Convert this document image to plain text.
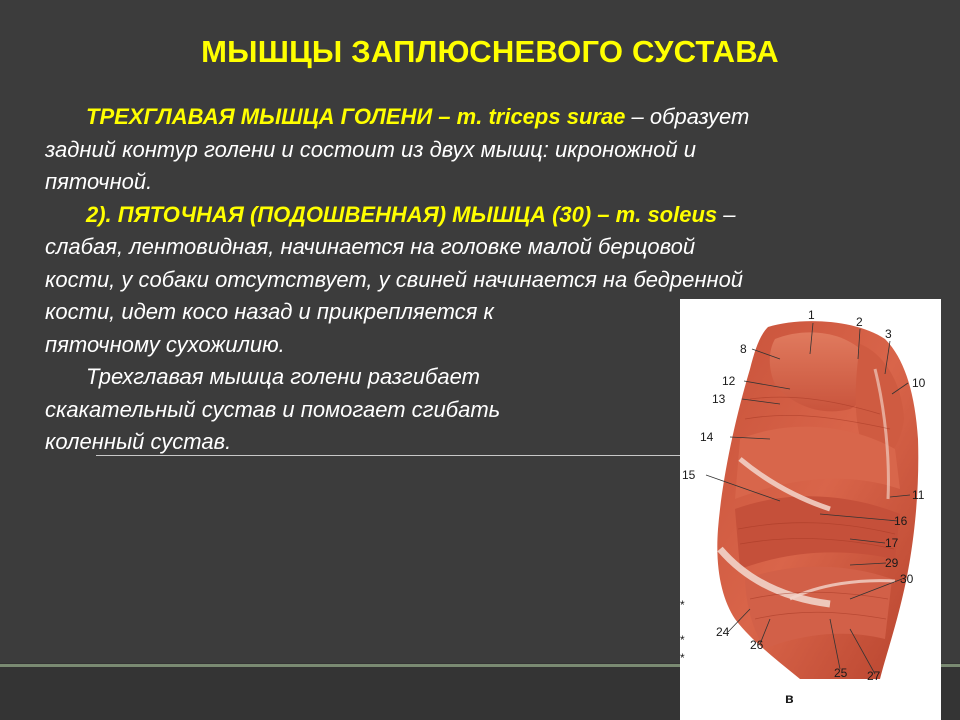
МЫШЦЫ ЗАПЛЮСНЕВОГО СУСТАВА
ТРЕХГЛАВАЯ МЫШЦА ГОЛЕНИ – m. triceps surae – образует
задний контур голени и состоит из двух мышц: икроножной и
пяточной.
2). ПЯТОЧНАЯ (ПОДОШВЕННАЯ) МЫШЦА (30) – m. soleus –
слабая, лентовидная, начинается на головке малой берцовой
кости, у собаки отсутствует, у свиней начинается на бедренной
кости, идет косо назад и прикрепляется к
пяточному сухожилию.
Трехглавая мышца голени разгибает
скакательный сустав и помогает сгибать
коленный сустав.
1	2
3
8
10
12
13
14
15
11
16
17
29
30
24
26
25 27
*
*
*
в
